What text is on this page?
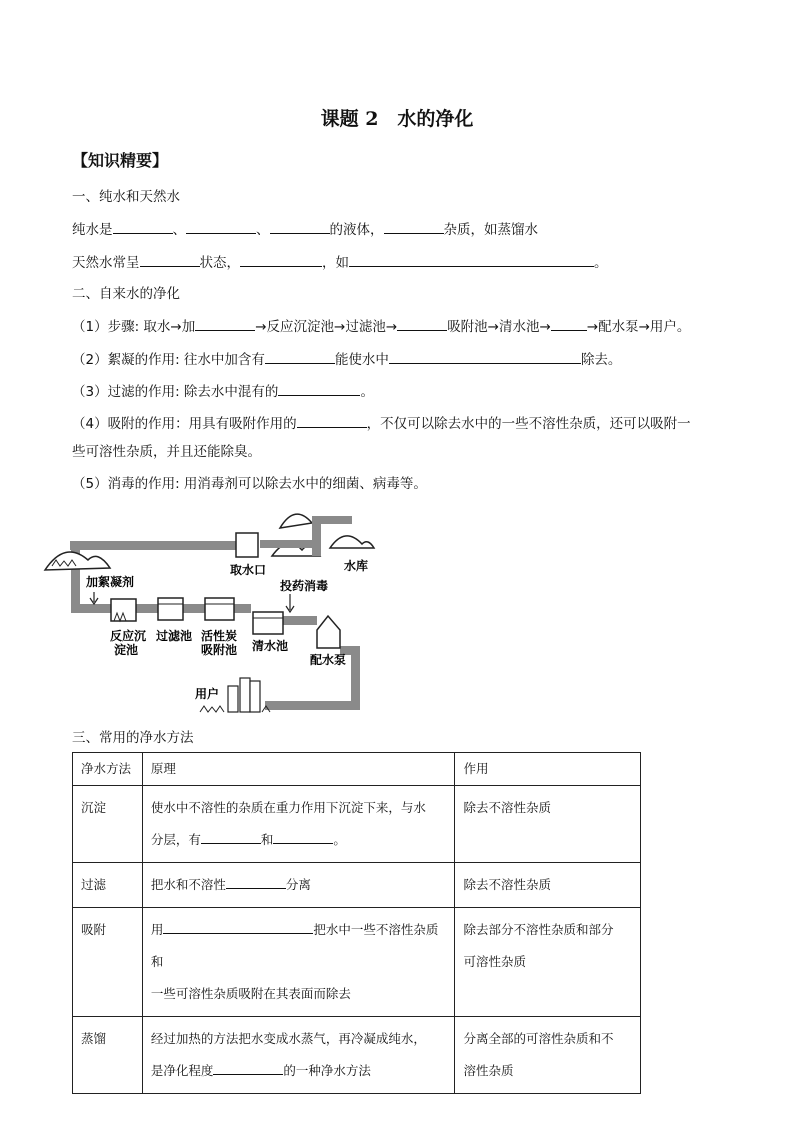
课题 2　水的净化
【知识精要】
一、纯水和天然水
纯水是	、	、	的液体，	杂质，如蒸馏水
天然水常呈	状态，	，如	。
二、自来水的净化
（1）步骤: 取水→加	→反应沉淀池→过滤池→	吸附池→清水池→	→配水泵→用户。
（2）絮凝的作用: 往水中加含有	能使水中	除去。
（3）过滤的作用: 除去水中混有的	。
（4）吸附的作用：用具有吸附作用的	，不仅可以除去水中的一些不溶性杂质，还可以吸附一
些可溶性杂质，并且还能除臭。
（5）消毒的作用: 用消毒剂可以除去水中的细菌、病毒等。
取水口	水库
加絮凝剂	投药消毒
反应沉
淀池
过滤池 活性炭
吸附池 清水池
配水泵
用户
三、常用的净水方法
净水方法	原理	作用
沉淀	使水中不溶性的杂质在重力作用下沉淀下来，与水
分层，有 和 。	除去不溶性杂质
过滤	把水和不溶性 分离	除去不溶性杂质
吸附	用 把水中一些不溶性杂质和
一些可溶性杂质吸附在其表面而除去	除去部分不溶性杂质和部分
可溶性杂质
蒸馏	经过加热的方法把水变成水蒸气，再冷凝成纯水，
是净化程度 的一种净水方法	分离全部的可溶性杂质和不
溶性杂质
